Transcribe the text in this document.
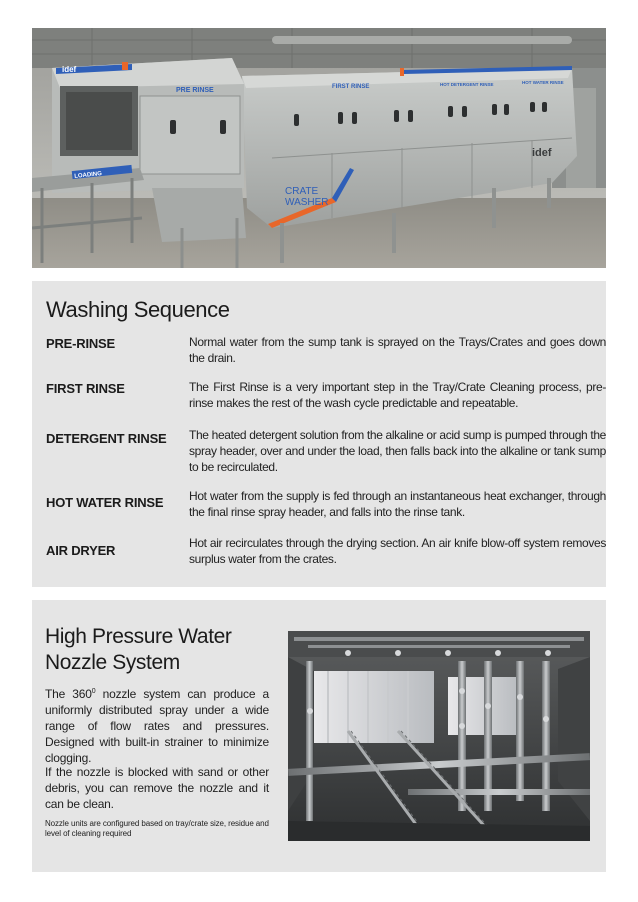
FIRST RINSE	HOT DETERGENT RINSE	HOT WATER RINSE
CRATE
WASHER
idef
idef
PRE RINSE
LOADING
Washing Sequence
PRE-RINSE	Normal water from the sump tank is sprayed on the Trays/Crates and goes down the drain.
FIRST RINSE	The First Rinse is a very important step in the Tray/Crate Cleaning process, pre-rinse makes the rest of the wash cycle predictable and repeatable.
DETERGENT RINSE The heated detergent solution from the alkaline or acid sump is pumped through the spray header, over and under the load, then falls back into the alkaline or tank sump to be recirculated.
HOT WATER RINSE Hot water from the supply is fed through an instantaneous heat exchanger, through the final rinse spray header, and falls into the rinse tank.
AIR DRYER	Hot air recirculates through the drying section. An air knife blow-off system removes surplus water from the crates.
High Pressure Water
Nozzle System
The $360^0$ nozzle system can produce a uniformly distributed spray under a wide range of flow rates and pressures. Designed with built-in strainer to minimize clogging.
If the nozzle is blocked with sand or other debris, you can remove the nozzle and it can be clean.
Nozzle units are configured based on tray/crate size, residue and level of cleaning required
